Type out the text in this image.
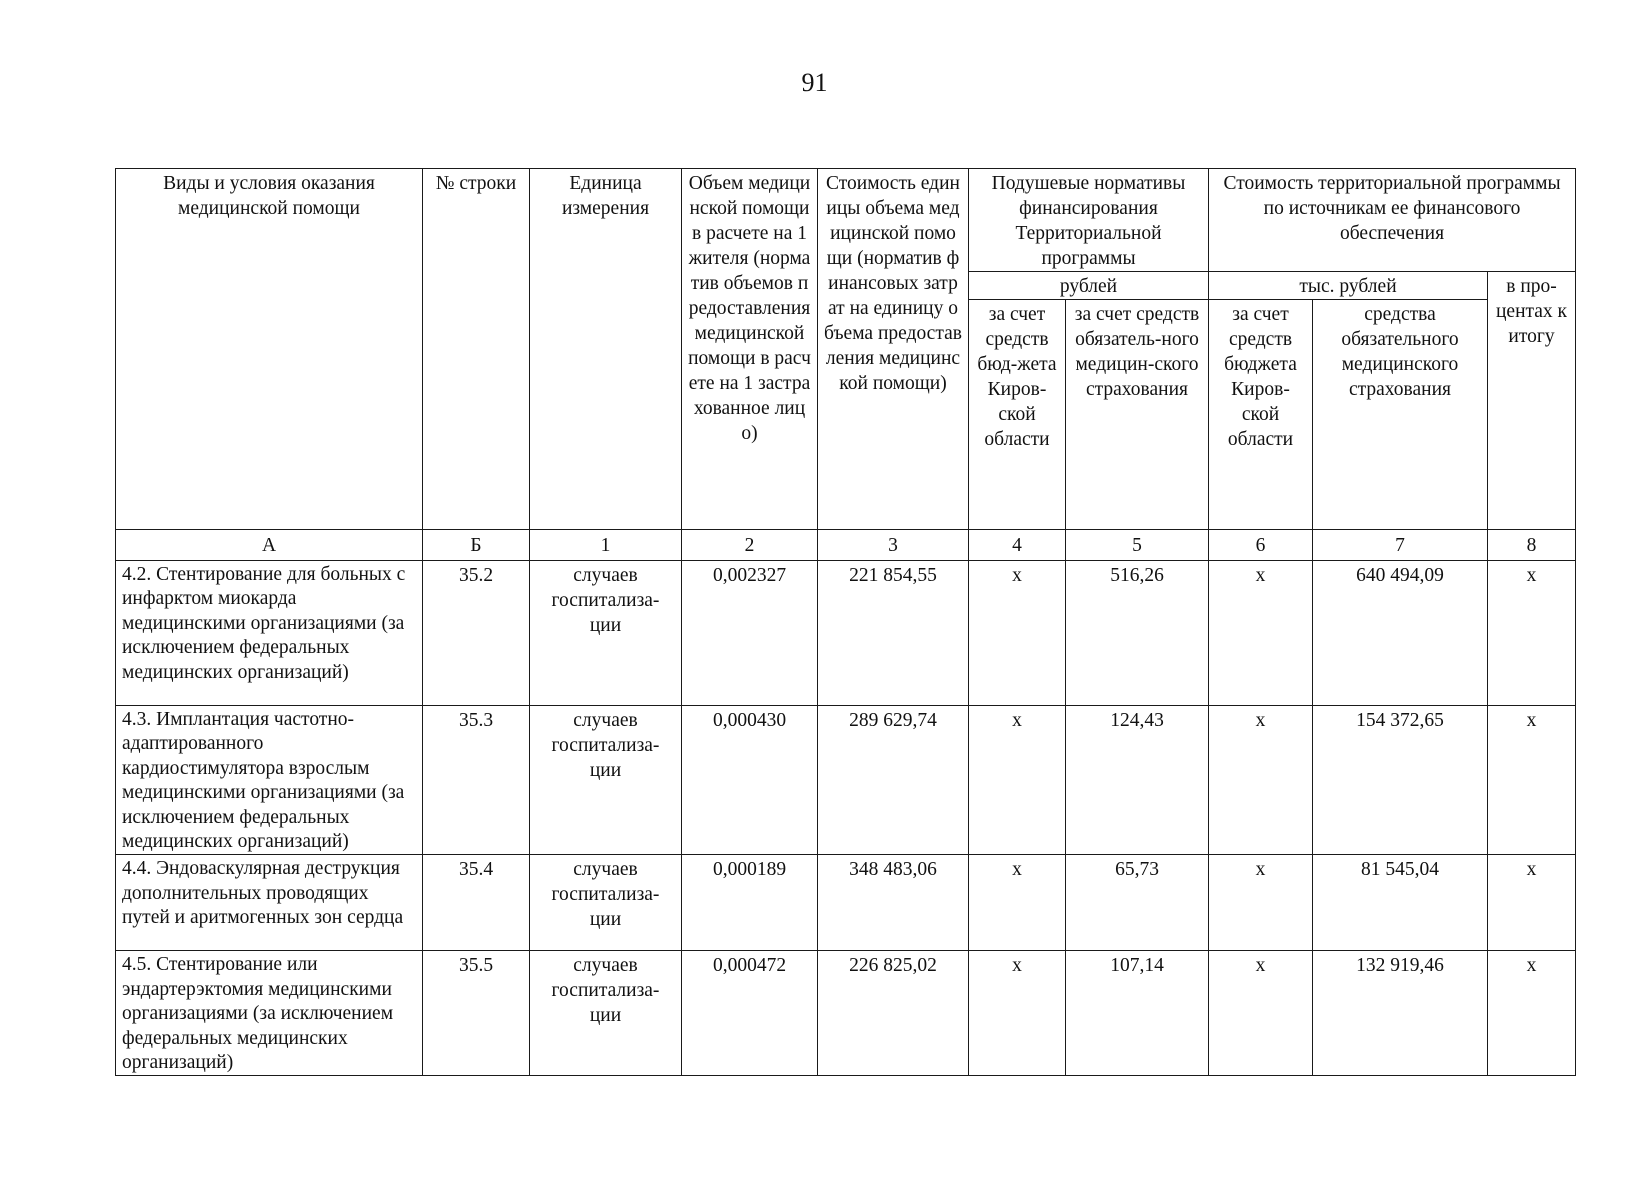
91
Виды и условия оказания медицинской помощи	№ строки	Единица измерения	Объем медицинской помощи в расчете на 1 жителя (норматив объемов предоставления медицинской помощи в расчете на 1 застрахованное лицо)	Стоимость единицы объема медицинской помощи (норматив финансовых затрат на единицу объема предоставления медицинской помощи)	Подушевые нормативы финансирования Территориальной программы		Стоимость территориальной программы по источникам ее финансового обеспечения		
					рублей		тыс. рублей		в про-центах к итогу
					за счет средств бюд-жета Киров-ской области	за счет средств обязатель-ного медицин-ского страхования	за счет средств бюджета Киров-ской области	средства обязательного медицинского страхования	
А	Б	1	2	3	4	5	6	7	8
4.2. Стентирование для больных с инфарктом миокарда медицинскими организациями (за исключением федеральных медицинских организаций)	35.2	случаев госпитализа-ции	0,002327	221 854,55	х	516,26	х	640 494,09	х
4.3. Имплантация частотно-адаптированного кардиостимулятора взрослым медицинскими организациями (за исключением федеральных медицинских организаций)	35.3	случаев госпитализа-ции	0,000430	289 629,74	х	124,43	х	154 372,65	х
4.4. Эндоваскулярная деструкция дополнительных проводящих путей и аритмогенных зон сердца	35.4	случаев госпитализа-ции	0,000189	348 483,06	х	65,73	х	81 545,04	х
4.5. Стентирование или эндартерэктомия медицинскими организациями (за исключением федеральных медицинских организаций)	35.5	случаев госпитализа-ции	0,000472	226 825,02	х	107,14	х	132 919,46	х
